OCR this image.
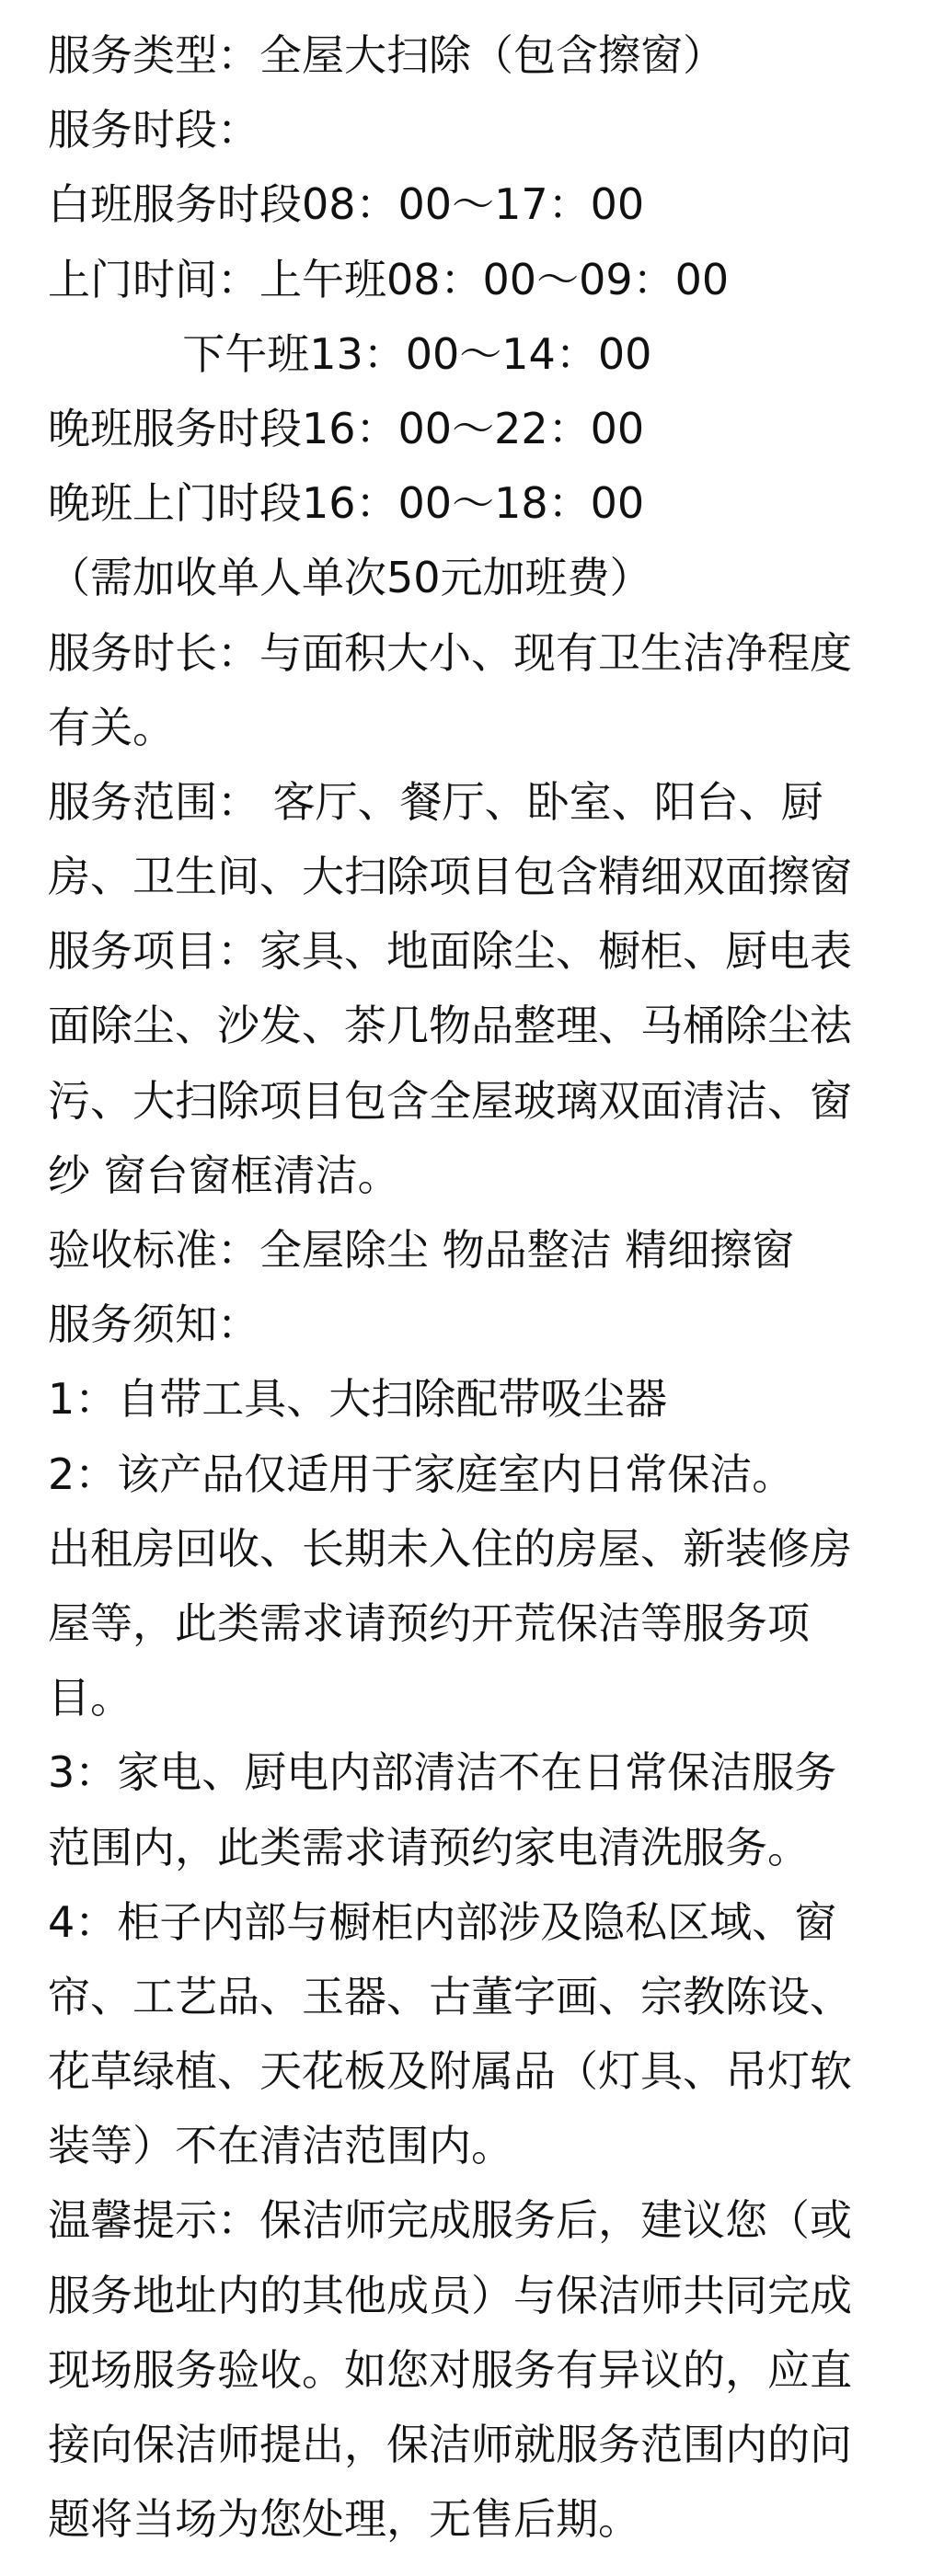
服务类型：全屋大扫除（包含擦窗）
服务时段：
白班服务时段08：00～17：00
上门时间：上午班08：00～09：00
下午班13：00～14：00
晚班服务时段16：00～22：00
晚班上门时段16：00～18：00
（需加收单人单次50元加班费）
服务时长：与面积大小、现有卫生洁净程度
有关。
服务范围： 客厅、餐厅、卧室、阳台、厨
房、卫生间、大扫除项目包含精细双面擦窗
服务项目：家具、地面除尘、橱柜、厨电表
面除尘、沙发、茶几物品整理、马桶除尘祛
污、大扫除项目包含全屋玻璃双面清洁、窗
纱 窗台窗框清洁。
验收标准：全屋除尘 物品整洁 精细擦窗
服务须知：
1：自带工具、大扫除配带吸尘器
2：该产品仅适用于家庭室内日常保洁。
出租房回收、长期未入住的房屋、新装修房
屋等，此类需求请预约开荒保洁等服务项
目。
3：家电、厨电内部清洁不在日常保洁服务
范围内，此类需求请预约家电清洗服务。
4：柜子内部与橱柜内部涉及隐私区域、窗
帘、工艺品、玉器、古董字画、宗教陈设、
花草绿植、天花板及附属品（灯具、吊灯软
装等）不在清洁范围内。
温馨提示：保洁师完成服务后，建议您（或
服务地址内的其他成员）与保洁师共同完成
现场服务验收。如您对服务有异议的，应直
接向保洁师提出，保洁师就服务范围内的问
题将当场为您处理，无售后期。
